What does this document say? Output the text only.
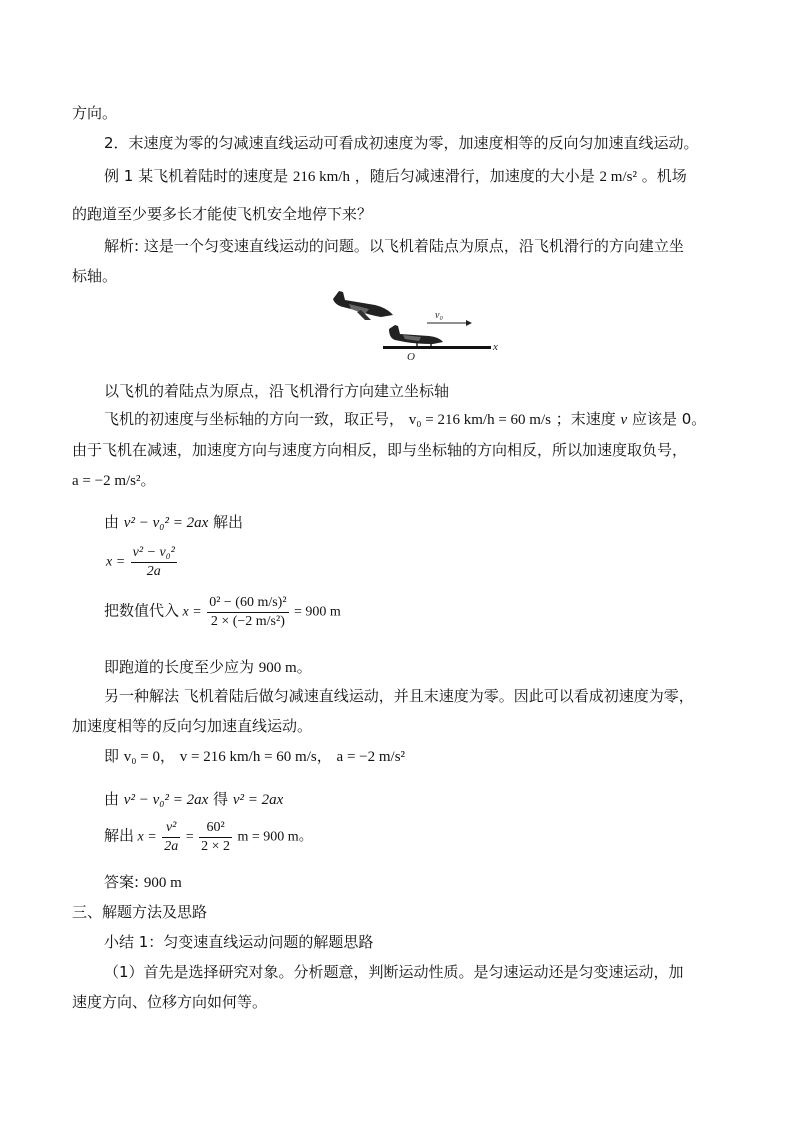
方向。
2．末速度为零的匀减速直线运动可看成初速度为零，加速度相等的反向匀加速直线运动。
例 1 某飞机着陆时的速度是 216 km/h ，随后匀减速滑行，加速度的大小是 2 m/s² 。机场
的跑道至少要多长才能使飞机安全地停下来？
解析: 这是一个匀变速直线运动的问题。以飞机着陆点为原点，沿飞机滑行的方向建立坐
标轴。
v₀
x
O
以飞机的着陆点为原点，沿飞机滑行方向建立坐标轴
飞机的初速度与坐标轴的方向一致，取正号， v₀ = 216 km/h = 60 m/s ；末速度 v 应该是 0。
由于飞机在减速，加速度方向与速度方向相反，即与坐标轴的方向相反，所以加速度取负号，
a = −2 m/s²。
由 v² − v₀² = 2ax 解出
$x = \frac{\text{v² − v₀²}}{2a}$
把数值代入 $x = \frac{\text{0² − (60 m/s)²}}{\text{2 × (−2 m/s²)}} = 900$ m
即跑道的长度至少应为 900 m。
另一种解法 飞机着陆后做匀减速直线运动，并且末速度为零。因此可以看成初速度为零，
加速度相等的反向匀加速直线运动。
即 v₀ = 0， v = 216 km/h = 60 m/s， a = −2 m/s²
由 v² − v₀² = 2ax 得 v² = 2ax
解出 $x = \frac{\text{v²}}{2a} = \frac{\text{60²}}{2 \times 2}$ m = 900 m。
答案: 900 m
三、解题方法及思路
小结 1：匀变速直线运动问题的解题思路
（1）首先是选择研究对象。分析题意，判断运动性质。是匀速运动还是匀变速运动，加
速度方向、位移方向如何等。
